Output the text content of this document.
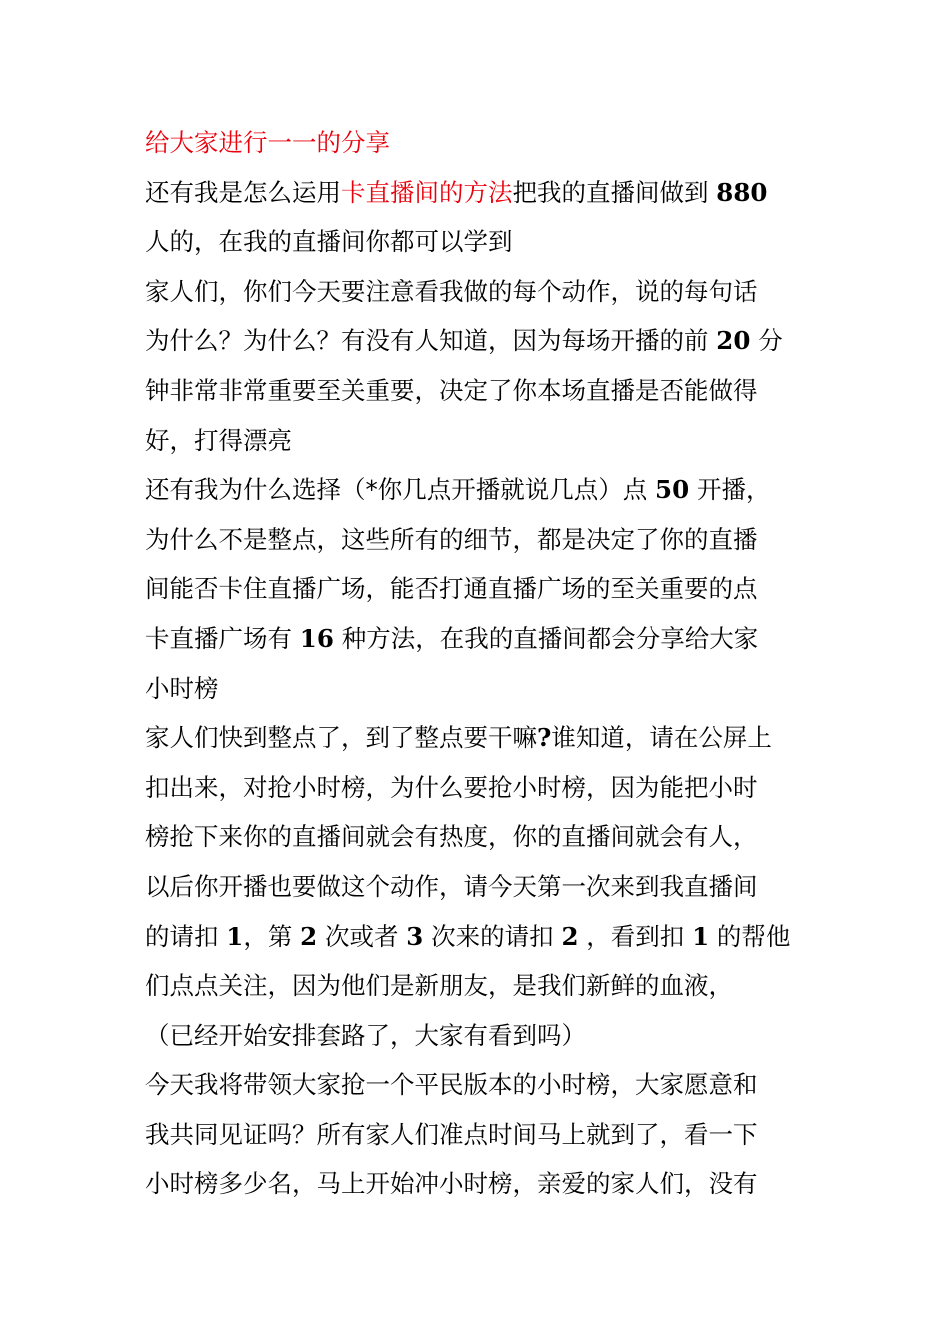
给大家进行一一的分享

还有我是怎么运用卡直播间的方法把我的直播间做到 880

人的，在我的直播间你都可以学到

家人们，你们今天要注意看我做的每个动作，说的每句话

为什么？为什么？有没有人知道，因为每场开播的前 20 分

钟非常非常重要至关重要，决定了你本场直播是否能做得

好，打得漂亮

还有我为什么选择（*你几点开播就说几点）点 50 开播，

为什么不是整点，这些所有的细节，都是决定了你的直播

间能否卡住直播广场，能否打通直播广场的至关重要的点

卡直播广场有 16 种方法，在我的直播间都会分享给大家

小时榜

家人们快到整点了，到了整点要干嘛?谁知道，请在公屏上

扣出来，对抢小时榜，为什么要抢小时榜，因为能把小时

榜抢下来你的直播间就会有热度，你的直播间就会有人，

以后你开播也要做这个动作，请今天第一次来到我直播间

的请扣 1，第 2 次或者 3 次来的请扣 2 ，看到扣 1 的帮他

们点点关注，因为他们是新朋友，是我们新鲜的血液，

（已经开始安排套路了，大家有看到吗）

今天我将带领大家抢一个平民版本的小时榜，大家愿意和

我共同见证吗？所有家人们准点时间马上就到了，看一下

小时榜多少名，马上开始冲小时榜，亲爱的家人们，没有
